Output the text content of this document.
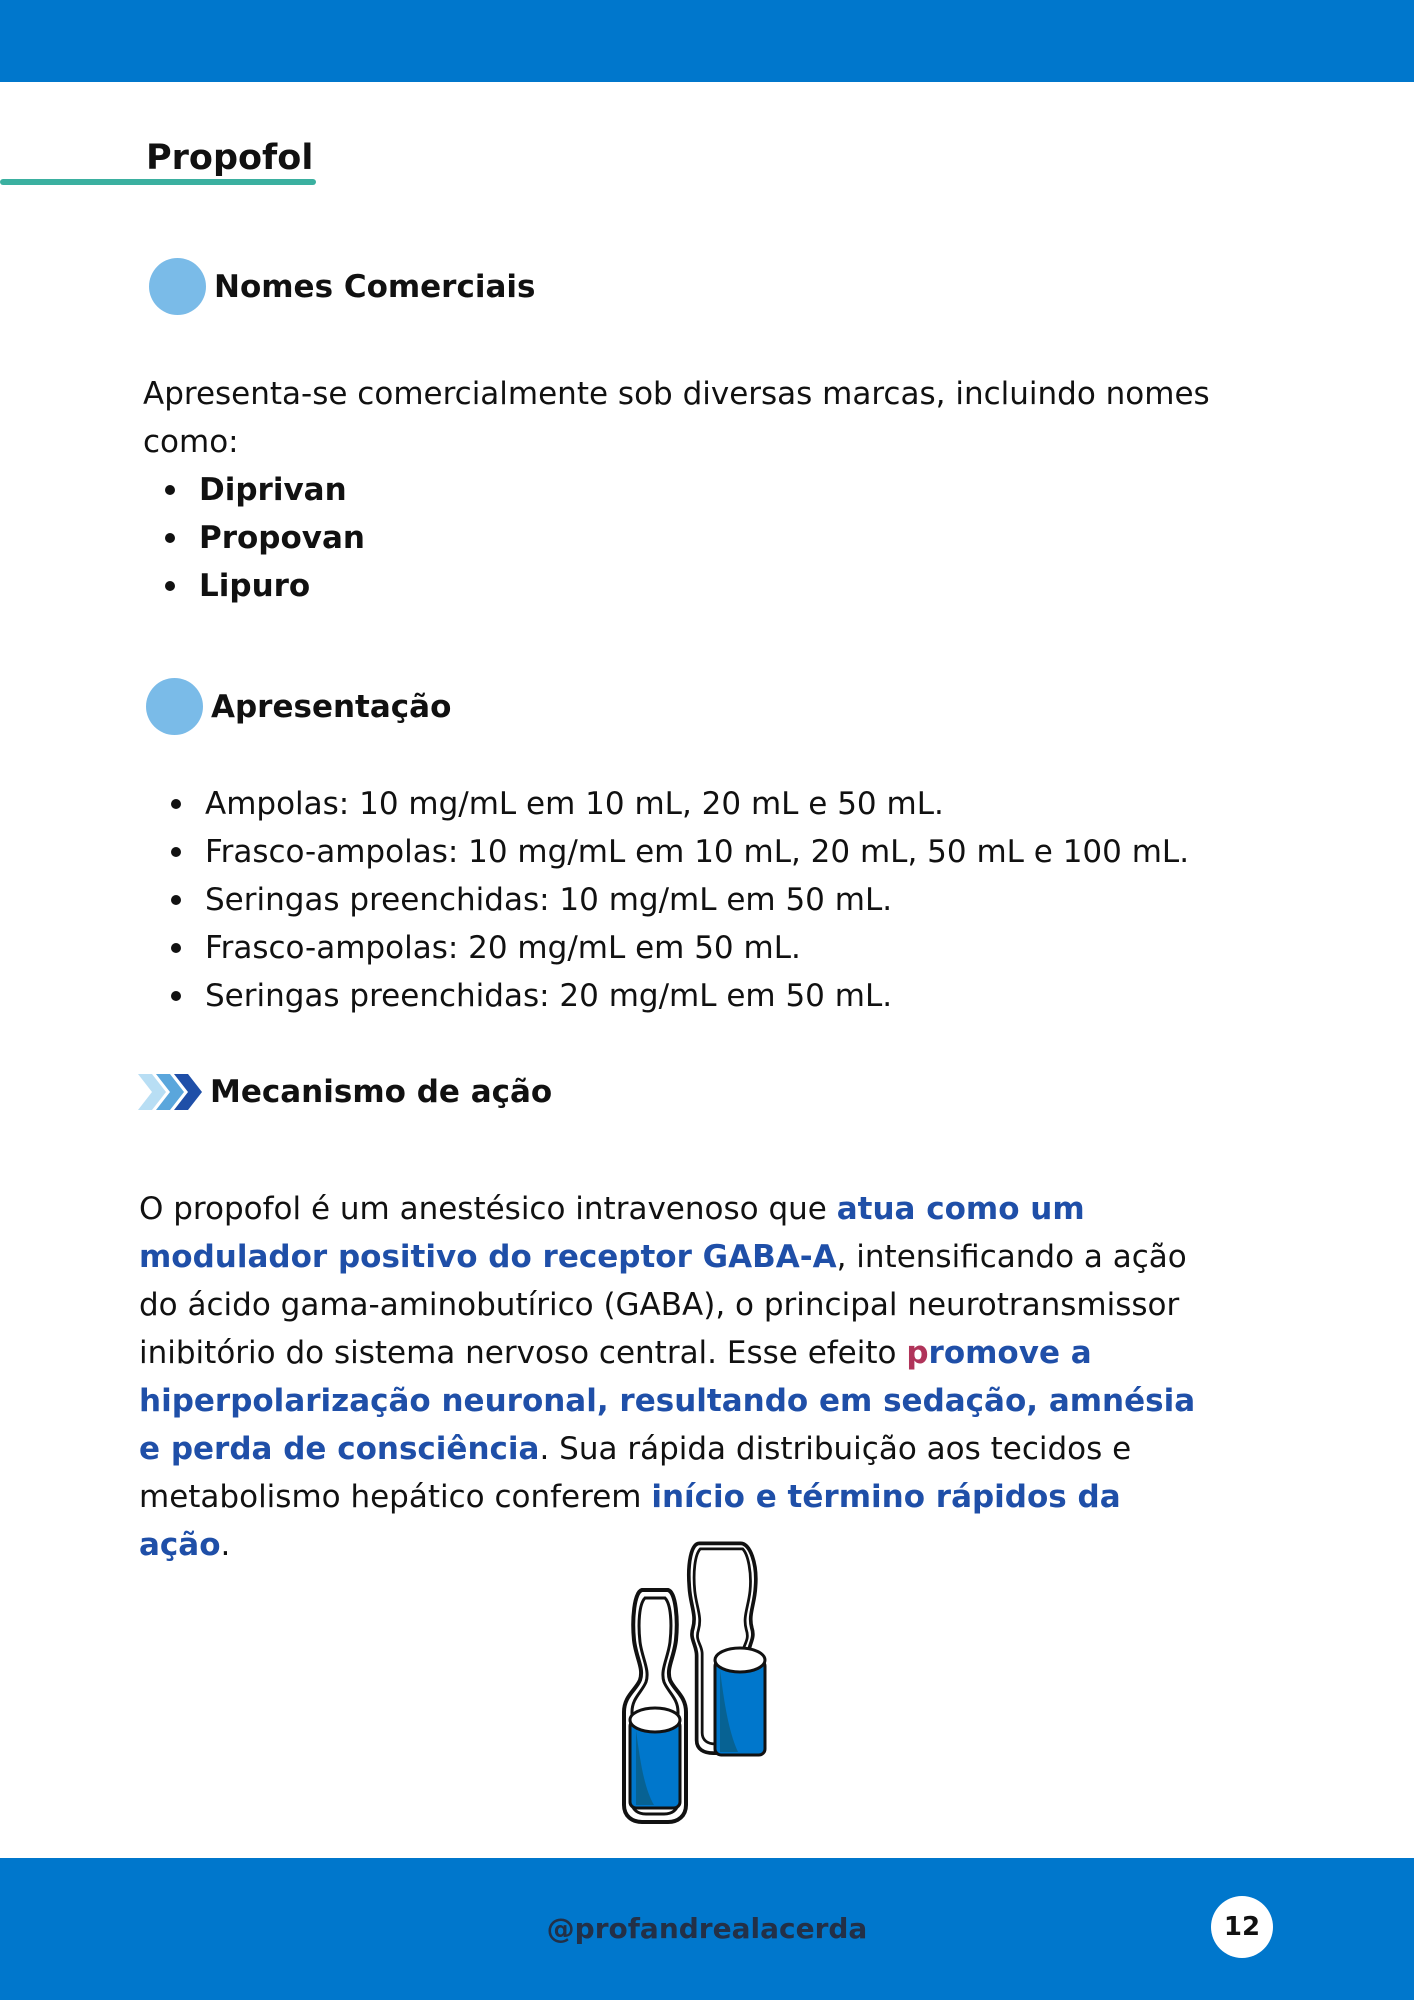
Propofol
Nomes Comerciais

Apresenta-se comercialmente sob diversas marcas, incluindo nomes como:

Diprivan
Propovan
Lipuro
Apresentação
Ampolas: 10 mg/mL em 10 mL, 20 mL e 50 mL.
Frasco-ampolas: 10 mg/mL em 10 mL, 20 mL, 50 mL e 100 mL.
Seringas preenchidas: 10 mg/mL em 50 mL.
Frasco-ampolas: 20 mg/mL em 50 mL.
Seringas preenchidas: 20 mg/mL em 50 mL.
Mecanismo de ação

O propofol é um anestésico intravenoso que atua como um modulador positivo do receptor GABA-A, intensificando a ação do ácido gama-aminobutírico (GABA), o principal neurotransmissor inibitório do sistema nervoso central. Esse efeito promove a hiperpolarização neuronal, resultando em sedação, amnésia e perda de consciência. Sua rápida distribuição aos tecidos e metabolismo hepático conferem início e término rápidos da ação.

@profandrealacerda	12
